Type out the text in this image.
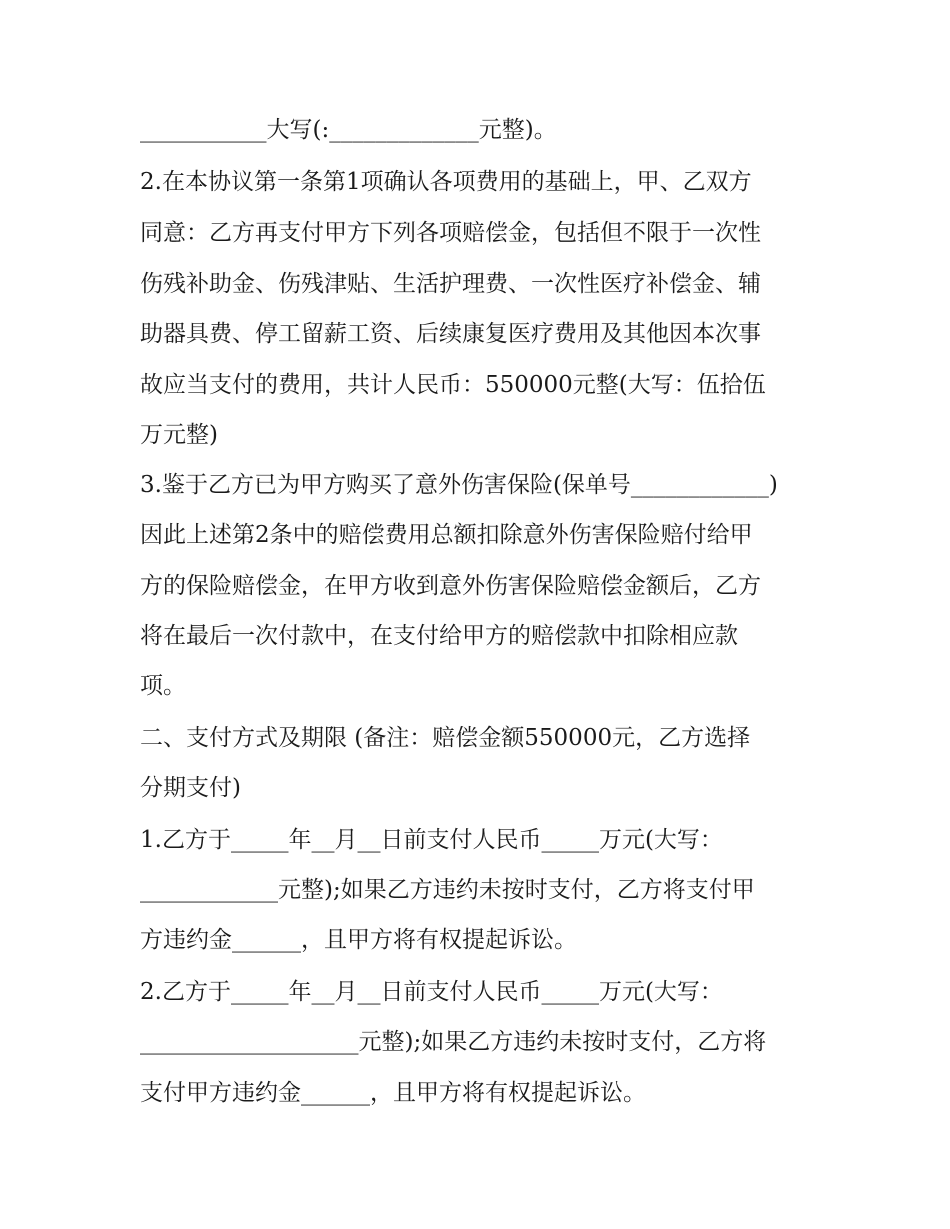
___________大写(:_____________元整)。
2.在本协议第一条第1项确认各项费用的基础上，甲、乙双方
同意：乙方再支付甲方下列各项赔偿金，包括但不限于一次性
伤残补助金、伤残津贴、生活护理费、一次性医疗补偿金、辅
助器具费、停工留薪工资、后续康复医疗费用及其他因本次事
故应当支付的费用，共计人民币：550000元整(大写：伍拾伍
万元整)
3.鉴于乙方已为甲方购买了意外伤害保险(保单号____________)
因此上述第2条中的赔偿费用总额扣除意外伤害保险赔付给甲
方的保险赔偿金，在甲方收到意外伤害保险赔偿金额后，乙方
将在最后一次付款中，在支付给甲方的赔偿款中扣除相应款
项。
二、支付方式及期限 (备注：赔偿金额550000元，乙方选择
分期支付)
1.乙方于_____年__月__日前支付人民币_____万元(大写：
____________元整);如果乙方违约未按时支付，乙方将支付甲
方违约金______，且甲方将有权提起诉讼。
2.乙方于_____年__月__日前支付人民币_____万元(大写：
___________________元整);如果乙方违约未按时支付，乙方将
支付甲方违约金______，且甲方将有权提起诉讼。
